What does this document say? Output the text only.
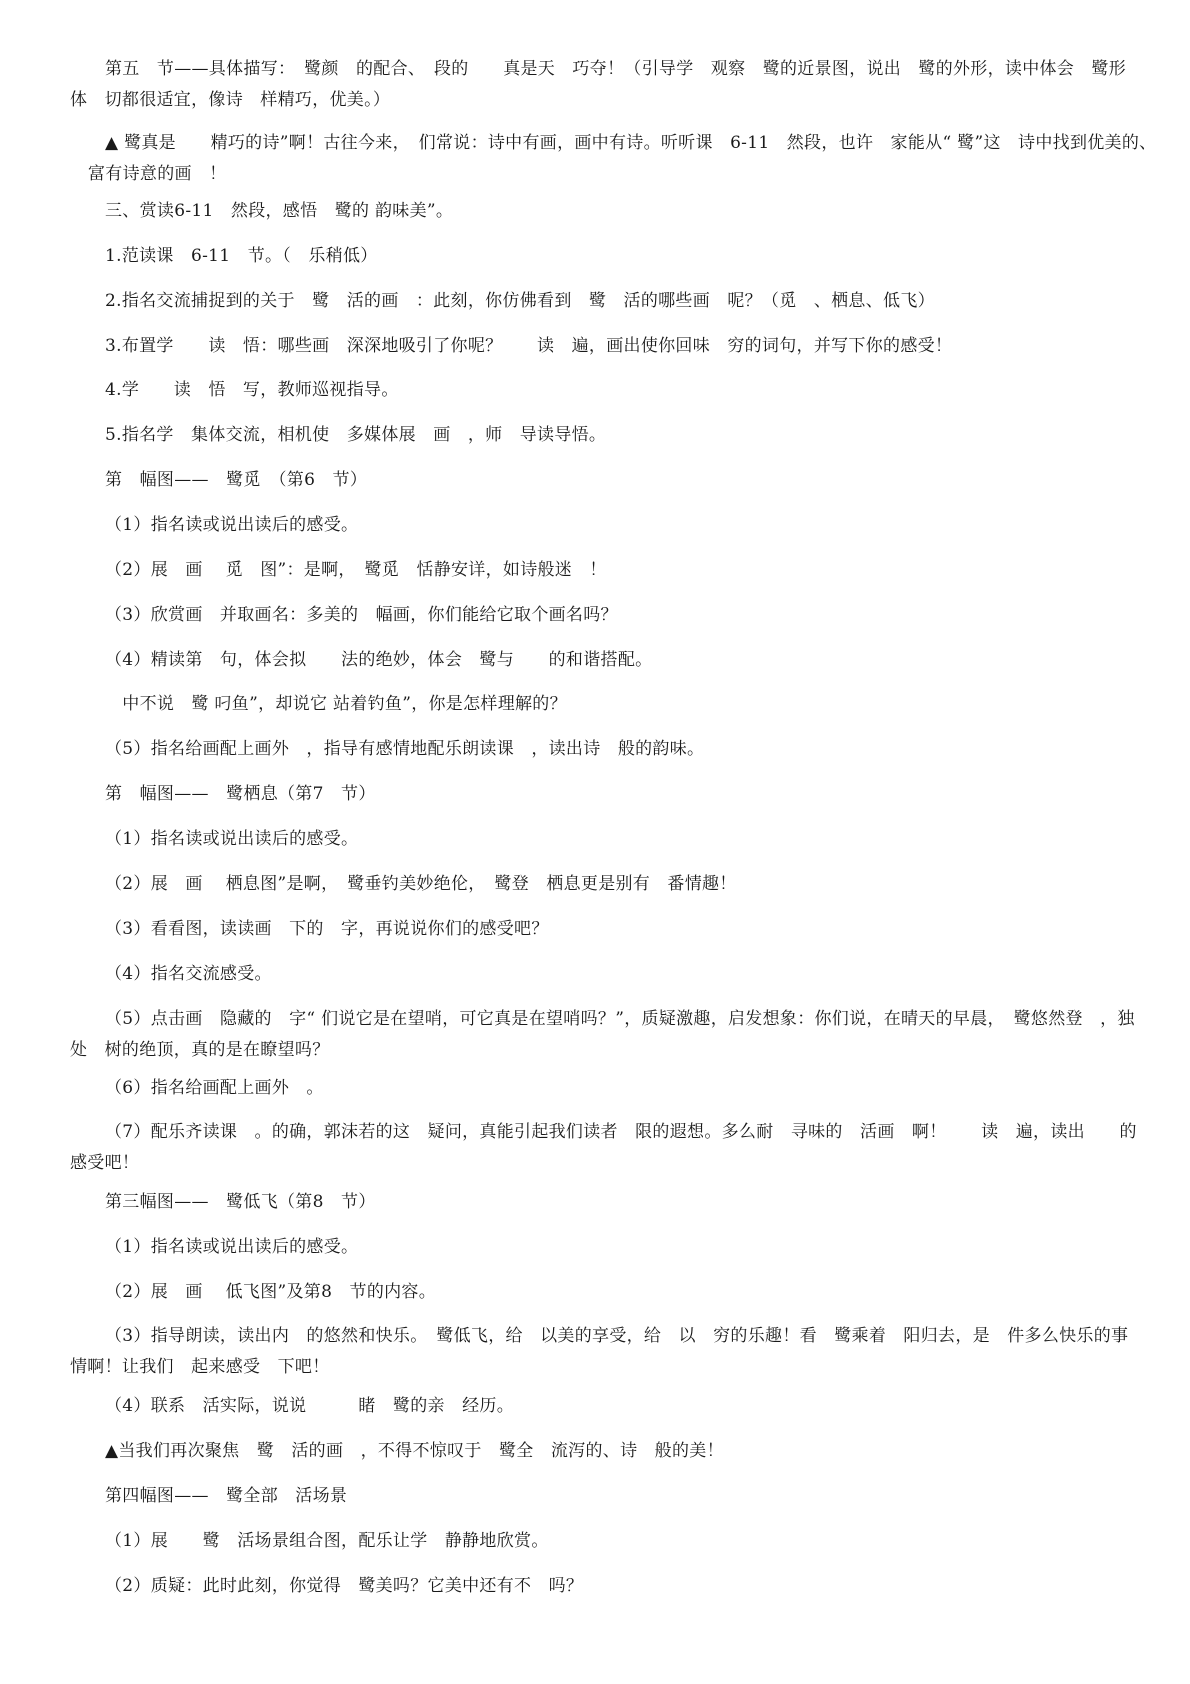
第五　节——具体描写：　鹭颜　的配合、　段的　　真是天　巧夺！（引导学　观察　鹭的近景图，说出　鹭的外形，读中体会　鹭形体　切都很适宜，像诗　样精巧，优美。）
▲ 鹭真是　　精巧的诗”啊！古往今来，　们常说：诗中有画，画中有诗。听听课　6-11　然段，也许　家能从“ 鹭”这　诗中找到优美的、富有诗意的画　！
三、赏读6-11　然段，感悟　鹭的 韵味美”。
1.范读课　6-11　节。（　乐稍低）
2.指名交流捕捉到的关于　鹭　活的画　：此刻，你仿佛看到　鹭　活的哪些画　呢？（觅　、栖息、低飞）
3.布置学　　读　悟：哪些画　深深地吸引了你呢？　　读　遍，画出使你回味　穷的词句，并写下你的感受！
4.学　　读　悟　写，教师巡视指导。
5.指名学　集体交流，相机使　多媒体展　画　，师　导读导悟。
第　幅图——　鹭觅　（第6　节）
（1）指名读或说出读后的感受。
（2）展　画　 觅　图”：是啊，　鹭觅　恬静安详，如诗般迷　！
（3）欣赏画　并取画名：多美的　幅画，你们能给它取个画名吗？
（4）精读第　句，体会拟　　法的绝妙，体会　鹭与　　的和谐搭配。
　中不说　鹭 叼鱼”，却说它 站着钓鱼”，你是怎样理解的？
（5）指名给画配上画外　，指导有感情地配乐朗读课　，读出诗　般的韵味。
第　幅图——　鹭栖息（第7　节）
（1）指名读或说出读后的感受。
（2）展　画　 栖息图”是啊，　鹭垂钓美妙绝伦，　鹭登　栖息更是别有　番情趣！
（3）看看图，读读画　下的　字，再说说你们的感受吧？
（4）指名交流感受。
（5）点击画　隐藏的　字“ 们说它是在望哨，可它真是在望哨吗？”，质疑激趣，启发想象：你们说，在晴天的早晨，　鹭悠然登　，独处　树的绝顶，真的是在瞭望吗？
（6）指名给画配上画外　。
（7）配乐齐读课　。的确，郭沫若的这　疑问，真能引起我们读者　限的遐想。多么耐　寻味的　活画　啊！　　读　遍，读出　　的感受吧！
第三幅图——　鹭低飞（第8　节）
（1）指名读或说出读后的感受。
（2）展　画　 低飞图”及第8　节的内容。
（3）指导朗读，读出内　的悠然和快乐。　鹭低飞，给　以美的享受，给　以　穷的乐趣！看　鹭乘着　阳归去，是　件多么快乐的事情啊！让我们　起来感受　下吧！
（4）联系　活实际，说说　　　睹　鹭的亲　经历。
▲当我们再次聚焦　鹭　活的画　，不得不惊叹于　鹭全　流泻的、诗　般的美！
第四幅图——　鹭全部　活场景
（1）展　　鹭　活场景组合图，配乐让学　静静地欣赏。
（2）质疑：此时此刻，你觉得　鹭美吗？它美中还有不　吗？
